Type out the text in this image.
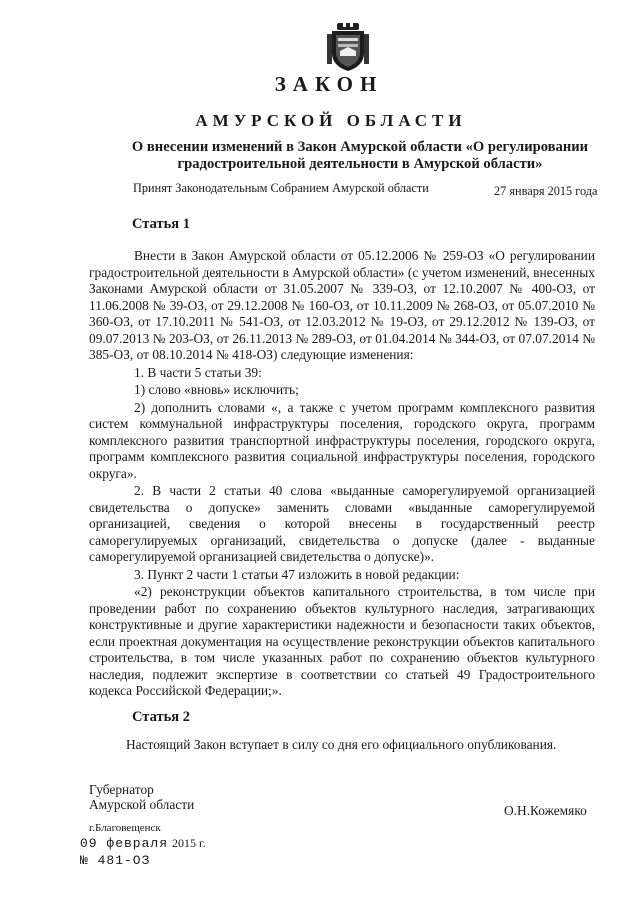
ЗАКОН
АМУРСКОЙ ОБЛАСТИ
О внесении изменений в Закон Амурской области «О регулировании
градостроительной деятельности в Амурской области»
Принят Законодательным Собранием Амурской области	27 января 2015 года
Статья 1

Внести в Закон Амурской области от 05.12.2006 № 259-ОЗ «О регулировании градостроительной деятельности в Амурской области» (с учетом изменений, внесенных Законами Амурской области от 31.05.2007 № 339-ОЗ, от 12.10.2007 № 400-ОЗ, от 11.06.2008 № 39-ОЗ, от 29.12.2008 № 160-ОЗ, от 10.11.2009 № 268-ОЗ, от 05.07.2010 № 360-ОЗ, от 17.10.2011 № 541-ОЗ, от 12.03.2012 № 19-ОЗ, от 29.12.2012 № 139-ОЗ, от 09.07.2013 № 203-ОЗ, от 26.11.2013 № 289-ОЗ, от 01.04.2014 № 344-ОЗ, от 07.07.2014 № 385-ОЗ, от 08.10.2014 № 418-ОЗ) следующие изменения:

1. В части 5 статьи 39:

1) слово «вновь» исключить;

2) дополнить словами «, а также с учетом программ комплексного развития систем коммунальной инфраструктуры поселения, городского округа, программ комплексного развития транспортной инфраструктуры поселения, городского округа, программ комплексного развития социальной инфраструктуры поселения, городского округа».

2. В части 2 статьи 40 слова «выданные саморегулируемой организацией свидетельства о допуске» заменить словами «выданные саморегулируемой организацией, сведения о которой внесены в государственный реестр саморегулируемых организаций, свидетельства о допуске (далее - выданные саморегулируемой организацией свидетельства о допуске)».

3. Пункт 2 части 1 статьи 47 изложить в новой редакции:

«2) реконструкции объектов капитального строительства, в том числе при проведении работ по сохранению объектов культурного наследия, затрагивающих конструктивные и другие характеристики надежности и безопасности таких объектов, если проектная документация на осуществление реконструкции объектов капитального строительства, в том числе указанных работ по сохранению объектов культурного наследия, подлежит экспертизе в соответствии со статьей 49 Градостроительного кодекса Российской Федерации;».

Статья 2
Настоящий Закон вступает в силу со дня его официального опубликования.
Губернатор
Амурской области	О.Н.Кожемяко
г.Благовещенск
09 февраля 2015 г.
№ 481-ОЗ
